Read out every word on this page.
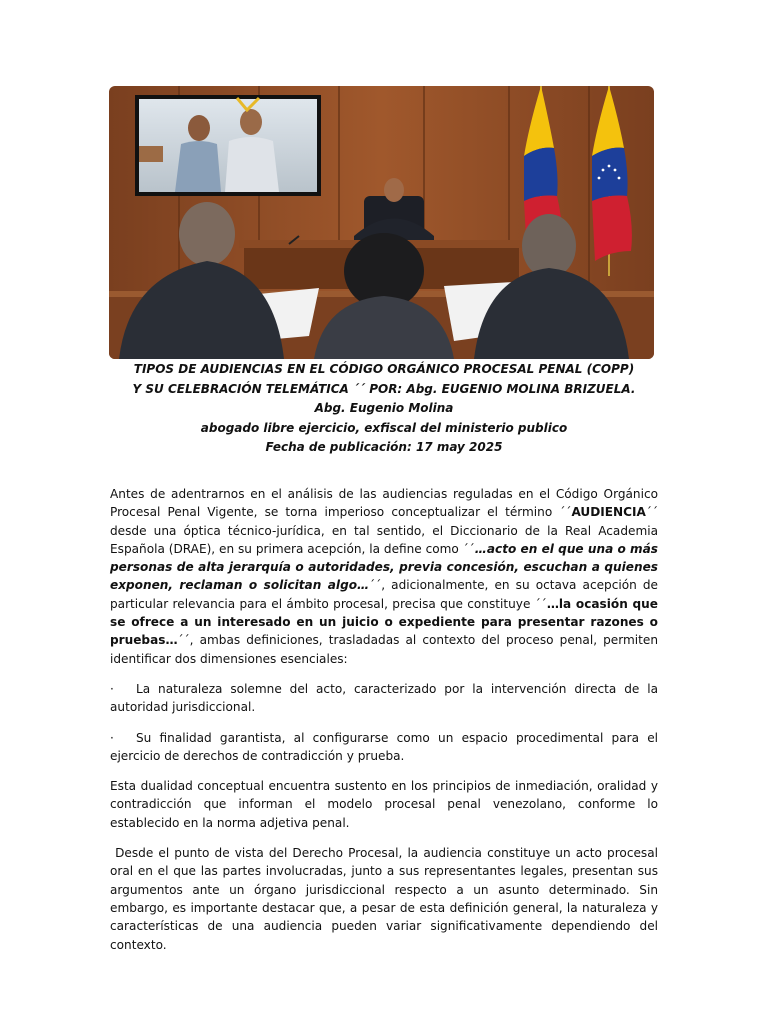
TIPOS DE AUDIENCIAS EN EL CÓDIGO ORGÁNICO PROCESAL PENAL (COPP)
Y SU CELEBRACIÓN TELEMÁTICA ´´ POR: Abg. EUGENIO MOLINA BRIZUELA.
Abg. Eugenio Molina
abogado libre ejercicio, exfiscal del ministerio publico
Fecha de publicación: 17 may 2025

Antes de adentrarnos en el análisis de las audiencias reguladas en el Código Orgánico Procesal Penal Vigente, se torna imperioso conceptualizar el término ´´AUDIENCIA´´ desde una óptica técnico-jurídica, en tal sentido, el Diccionario de la Real Academia Española (DRAE), en su primera acepción, la define como ´´…acto en el que una o más personas de alta jerarquía o autoridades, previa concesión, escuchan a quienes exponen, reclaman o solicitan algo…´´, adicionalmente, en su octava acepción de particular relevancia para el ámbito procesal, precisa que constituye ´´…la ocasión que se ofrece a un interesado en un juicio o expediente para presentar razones o pruebas…´´, ambas definiciones, trasladadas al contexto del proceso penal, permiten identificar dos dimensiones esenciales:

· La naturaleza solemne del acto, caracterizado por la intervención directa de la autoridad jurisdiccional.

· Su finalidad garantista, al configurarse como un espacio procedimental para el ejercicio de derechos de contradicción y prueba.

Esta dualidad conceptual encuentra sustento en los principios de inmediación, oralidad y contradicción que informan el modelo procesal penal venezolano, conforme lo establecido en la norma adjetiva penal.

Desde el punto de vista del Derecho Procesal, la audiencia constituye un acto procesal oral en el que las partes involucradas, junto a sus representantes legales, presentan sus argumentos ante un órgano jurisdiccional respecto a un asunto determinado. Sin embargo, es importante destacar que, a pesar de esta definición general, la naturaleza y características de una audiencia pueden variar significativamente dependiendo del contexto.
